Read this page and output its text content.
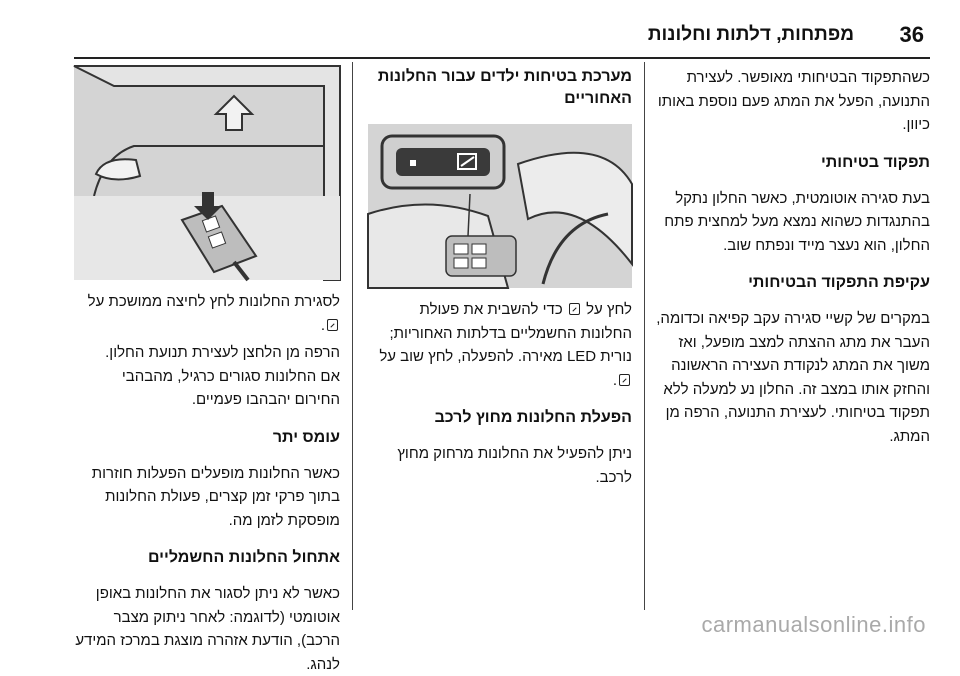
36
מפתחות, דלתות וחלונות

כשהתפקוד הבטיחותי מאופשר. לעצירת התנועה, הפעל את המתג פעם נוספת באותו כיוון.

תפקוד בטיחותי

בעת סגירה אוטומטית, כאשר החלון נתקל בהתנגדות כשהוא נמצא מעל למחצית פתח החלון, הוא נעצר מייד ונפתח שוב.

עקיפת התפקוד הבטיחותי

במקרים של קשיי סגירה עקב קפיאה וכדומה, העבר את מתג ההצתה למצב מופעל, ואז משוך את המתג לנקודת העצירה הראשונה והחזק אותו במצב זה. החלון נע למעלה ללא תפקוד בטיחותי. לעצירת התנועה, הרפה מן המתג.

מערכת בטיחות ילדים עבור החלונות האחוריים

לחץ על  כדי להשבית את פעולת החלונות החשמליים בדלתות האחוריות; נורית LED מאירה. להפעלה, לחץ שוב על .

הפעלת החלונות מחוץ לרכב

ניתן להפעיל את החלונות מרחוק מחוץ לרכב.

לסגירת החלונות לחץ לחיצה ממושכת על .

הרפה מן הלחצן לעצירת תנועת החלון.

אם החלונות סגורים כרגיל, מהבהבי החירום יהבהבו פעמיים.

עומס יתר

כאשר החלונות מופעלים הפעלות חוזרות בתוך פרקי זמן קצרים, פעולת החלונות מופסקת לזמן מה.

אתחול החלונות החשמליים

כאשר לא ניתן לסגור את החלונות באופן אוטומטי (לדוגמה: לאחר ניתוק מצבר הרכב), הודעת אזהרה מוצגת במרכז המידע לנהג.

carmanualsonline.info
